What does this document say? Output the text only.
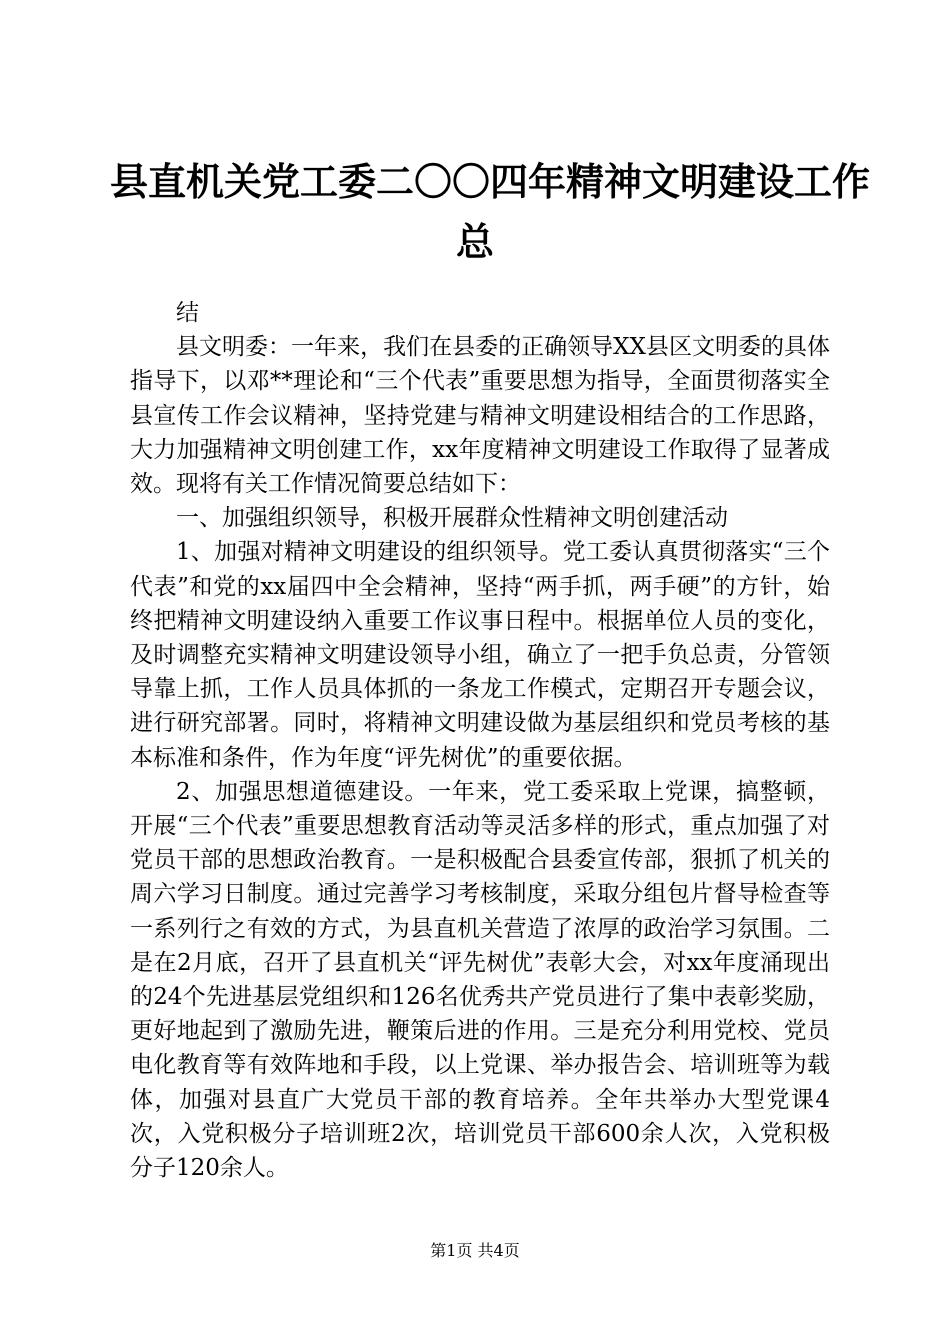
县直机关党工委二〇〇四年精神文明建设工作
总

结

县文明委：一年来，我们在县委的正确领导XX县区文明委的具体指导下，以邓**理论和“三个代表”重要思想为指导，全面贯彻落实全县宣传工作会议精神，坚持党建与精神文明建设相结合的工作思路，大力加强精神文明创建工作，xx年度精神文明建设工作取得了显著成效。现将有关工作情况简要总结如下：

一、加强组织领导，积极开展群众性精神文明创建活动

1、加强对精神文明建设的组织领导。党工委认真贯彻落实“三个代表”和党的xx届四中全会精神，坚持“两手抓，两手硬”的方针，始终把精神文明建设纳入重要工作议事日程中。根据单位人员的变化，及时调整充实精神文明建设领导小组，确立了一把手负总责，分管领导靠上抓，工作人员具体抓的一条龙工作模式，定期召开专题会议，进行研究部署。同时，将精神文明建设做为基层组织和党员考核的基本标准和条件，作为年度“评先树优”的重要依据。

2、加强思想道德建设。一年来，党工委采取上党课，搞整顿，开展“三个代表”重要思想教育活动等灵活多样的形式，重点加强了对党员干部的思想政治教育。一是积极配合县委宣传部，狠抓了机关的周六学习日制度。通过完善学习考核制度，采取分组包片督导检查等一系列行之有效的方式，为县直机关营造了浓厚的政治学习氛围。二是在2月底，召开了县直机关“评先树优”表彰大会，对xx年度涌现出的24个先进基层党组织和126名优秀共产党员进行了集中表彰奖励，更好地起到了激励先进，鞭策后进的作用。三是充分利用党校、党员电化教育等有效阵地和手段，以上党课、举办报告会、培训班等为载体，加强对县直广大党员干部的教育培养。全年共举办大型党课4次，入党积极分子培训班2次，培训党员干部600余人次，入党积极分子120余人。

第1页 共4页
